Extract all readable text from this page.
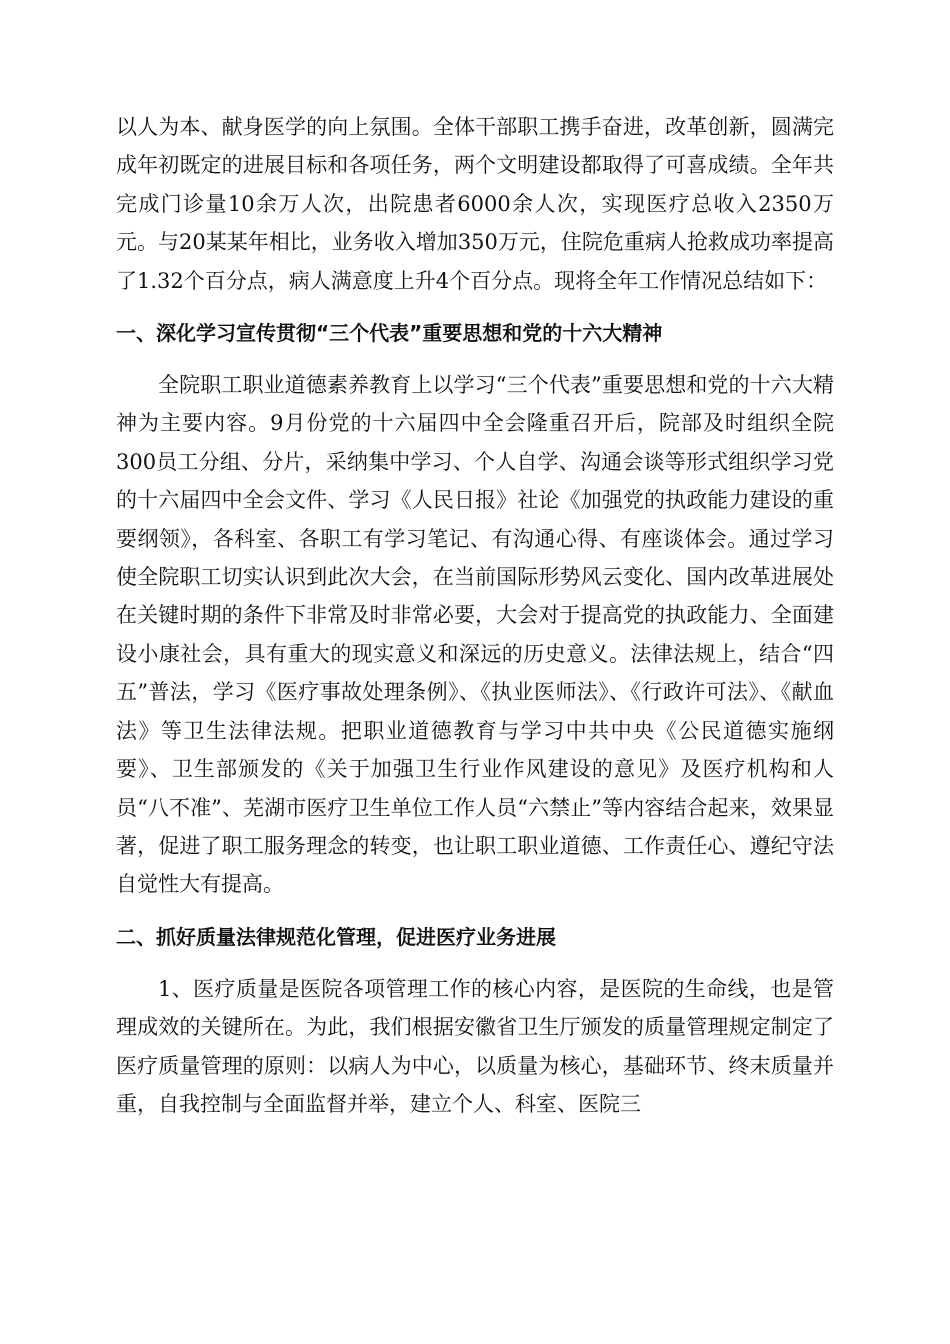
以人为本、献身医学的向上氛围。全体干部职工携手奋进，改革创新，圆满完成年初既定的进展目标和各项任务，两个文明建设都取得了可喜成绩。全年共完成门诊量10余万人次，出院患者6000余人次，实现医疗总收入2350万元。与20某某年相比，业务收入增加350万元，住院危重病人抢救成功率提高了1.32个百分点，病人满意度上升4个百分点。现将全年工作情况总结如下：

一、深化学习宣传贯彻“三个代表”重要思想和党的十六大精神

全院职工职业道德素养教育上以学习“三个代表”重要思想和党的十六大精神为主要内容。9月份党的十六届四中全会隆重召开后，院部及时组织全院300员工分组、分片，采纳集中学习、个人自学、沟通会谈等形式组织学习党的十六届四中全会文件、学习《人民日报》社论《加强党的执政能力建设的重要纲领》，各科室、各职工有学习笔记、有沟通心得、有座谈体会。通过学习使全院职工切实认识到此次大会，在当前国际形势风云变化、国内改革进展处在关键时期的条件下非常及时非常必要，大会对于提高党的执政能力、全面建设小康社会，具有重大的现实意义和深远的历史意义。法律法规上，结合“四五”普法，学习《医疗事故处理条例》、《执业医师法》、《行政许可法》、《献血法》等卫生法律法规。把职业道德教育与学习中共中央《公民道德实施纲要》、卫生部颁发的《关于加强卫生行业作风建设的意见》及医疗机构和人员“八不准”、芜湖市医疗卫生单位工作人员“六禁止”等内容结合起来，效果显著，促进了职工服务理念的转变，也让职工职业道德、工作责任心、遵纪守法自觉性大有提高。

二、抓好质量法律规范化管理，促进医疗业务进展

1、医疗质量是医院各项管理工作的核心内容，是医院的生命线，也是管理成效的关键所在。为此，我们根据安徽省卫生厅颁发的质量管理规定制定了医疗质量管理的原则：以病人为中心，以质量为核心，基础环节、终末质量并重，自我控制与全面监督并举，建立个人、科室、医院三
